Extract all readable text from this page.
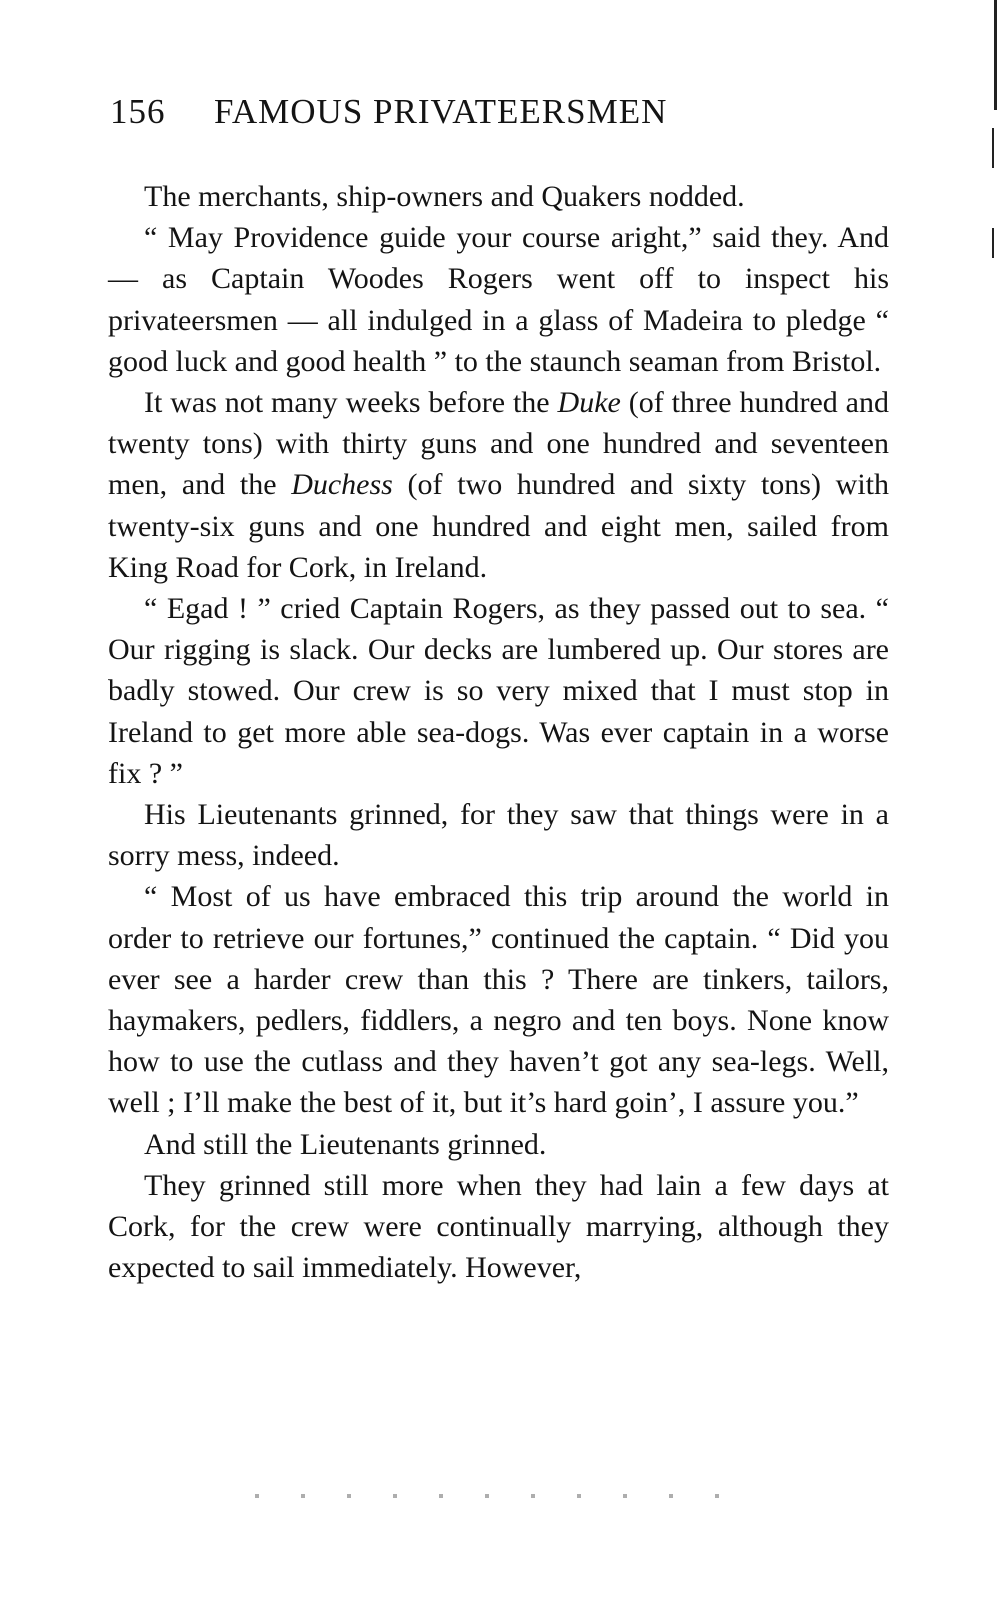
156 FAMOUS PRIVATEERSMEN

The merchants, ship-owners and Quakers nodded.

“ May Providence guide your course aright,” said they. And — as Captain Woodes Rogers went off to inspect his privateersmen — all indulged in a glass of Madeira to pledge “ good luck and good health ” to the staunch seaman from Bristol.

It was not many weeks before the Duke (of three hundred and twenty tons) with thirty guns and one hundred and seventeen men, and the Duchess (of two hundred and sixty tons) with twenty-six guns and one hundred and eight men, sailed from King Road for Cork, in Ireland.

“ Egad ! ” cried Captain Rogers, as they passed out to sea. “ Our rigging is slack. Our decks are lumbered up. Our stores are badly stowed. Our crew is so very mixed that I must stop in Ireland to get more able sea-dogs. Was ever captain in a worse fix ? ”

His Lieutenants grinned, for they saw that things were in a sorry mess, indeed.

“ Most of us have embraced this trip around the world in order to retrieve our fortunes,” continued the captain. “ Did you ever see a harder crew than this ? There are tinkers, tailors, haymakers, pedlers, fiddlers, a negro and ten boys. None know how to use the cutlass and they haven’t got any sea-legs. Well, well ; I’ll make the best of it, but it’s hard goin’, I assure you.”

And still the Lieutenants grinned.

They grinned still more when they had lain a few days at Cork, for the crew were continually marrying, although they expected to sail immediately. However,
